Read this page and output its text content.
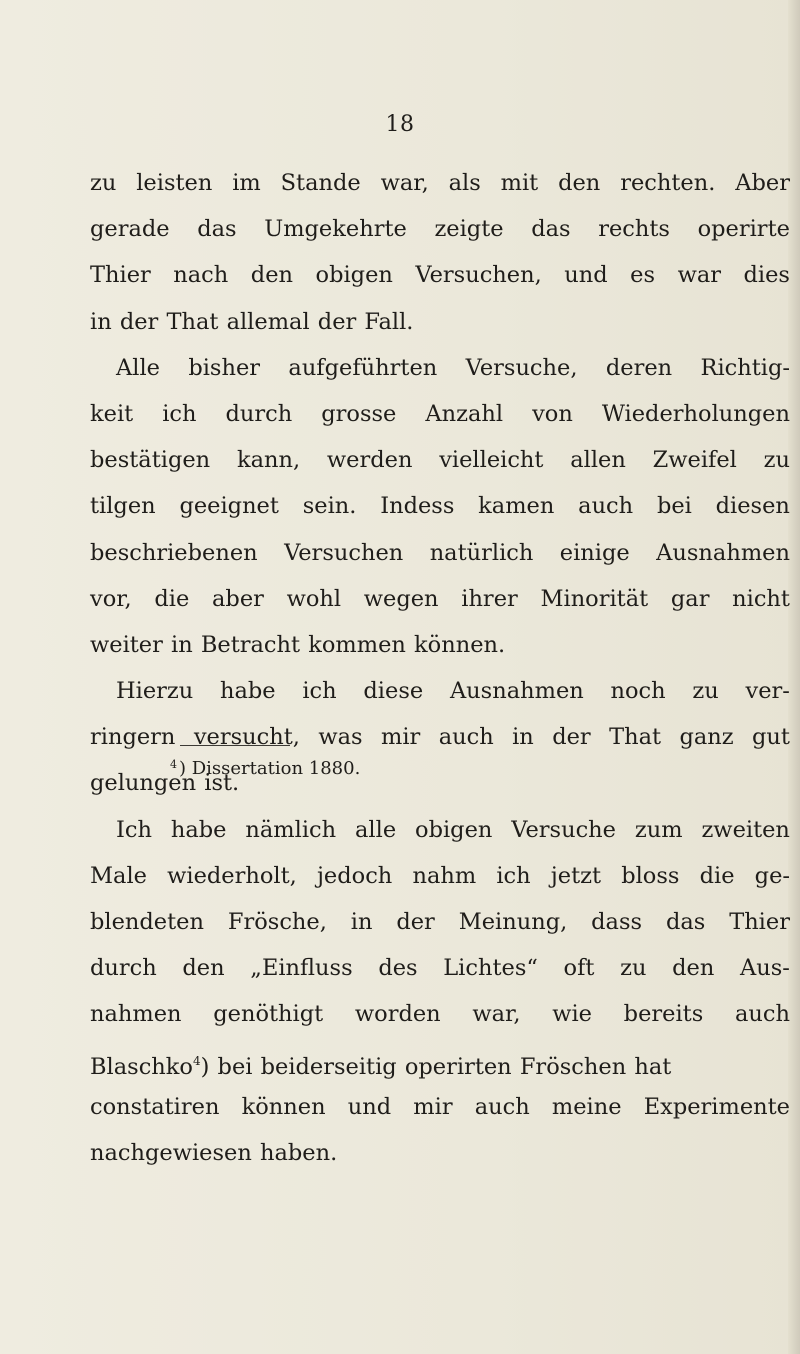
18
zu leisten im Stande war, als mit den rechten. Aber
gerade das Umgekehrte zeigte das rechts operirte
Thier nach den obigen Versuchen, und es war dies
in der That allemal der Fall.
Alle bisher aufgeführten Versuche, deren Richtig-
keit ich durch grosse Anzahl von Wiederholungen
bestätigen kann, werden vielleicht allen Zweifel zu
tilgen geeignet sein. Indess kamen auch bei diesen
beschriebenen Versuchen natürlich einige Ausnahmen
vor, die aber wohl wegen ihrer Minorität gar nicht
weiter in Betracht kommen können.
Hierzu habe ich diese Ausnahmen noch zu ver-
ringern versucht, was mir auch in der That ganz gut
gelungen ist.
Ich habe nämlich alle obigen Versuche zum zweiten
Male wiederholt, jedoch nahm ich jetzt bloss die ge-
blendeten Frösche, in der Meinung, dass das Thier
durch den „Einfluss des Lichtes“ oft zu den Aus-
nahmen genöthigt worden war, wie bereits auch
Blaschko$^4$) bei beiderseitig operirten Fröschen hat
constatiren können und mir auch meine Experimente
nachgewiesen haben.
$^4$ ) Dissertation 1880.
